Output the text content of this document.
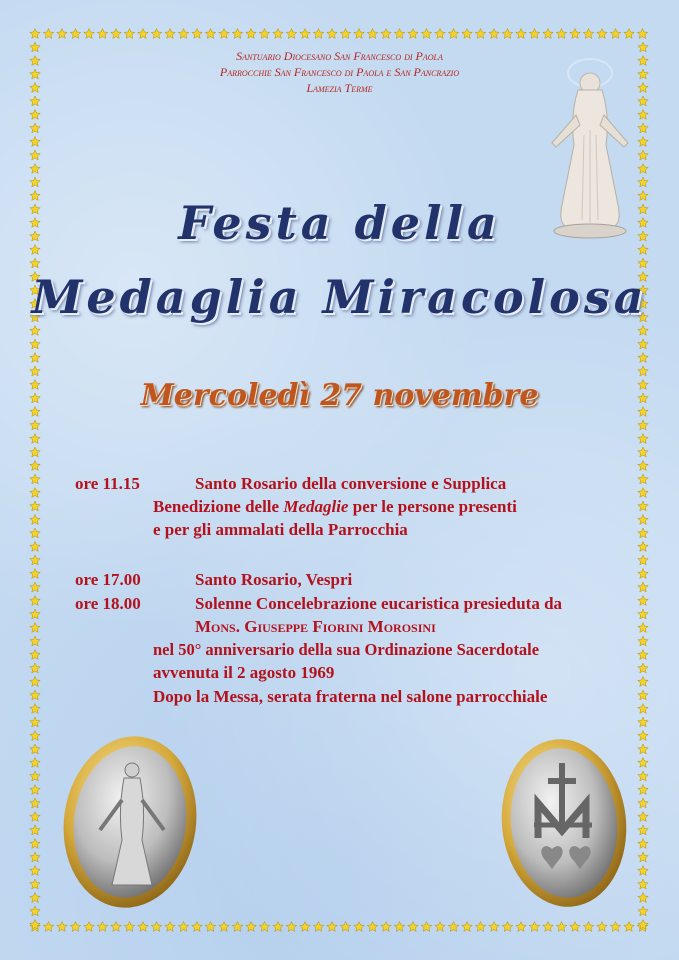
Santuario Diocesano San Francesco di Paola
Parrocchie San Francesco di Paola e San Pancrazio
Lamezia Terme
Festa della
Medaglia Miracolosa
Mercoledì 27 novembre
ore 11.15	Santo Rosario della conversione e Supplica
Benedizione delle Medaglie per le persone presenti
e per gli ammalati della Parrocchia
ore 17.00	Santo Rosario, Vespri
ore 18.00	Solenne Concelebrazione eucaristica presieduta da
Mons. Giuseppe Fiorini Morosini
nel 50° anniversario della sua Ordinazione Sacerdotale
avvenuta il 2 agosto 1969
Dopo la Messa, serata fraterna nel salone parrocchiale
